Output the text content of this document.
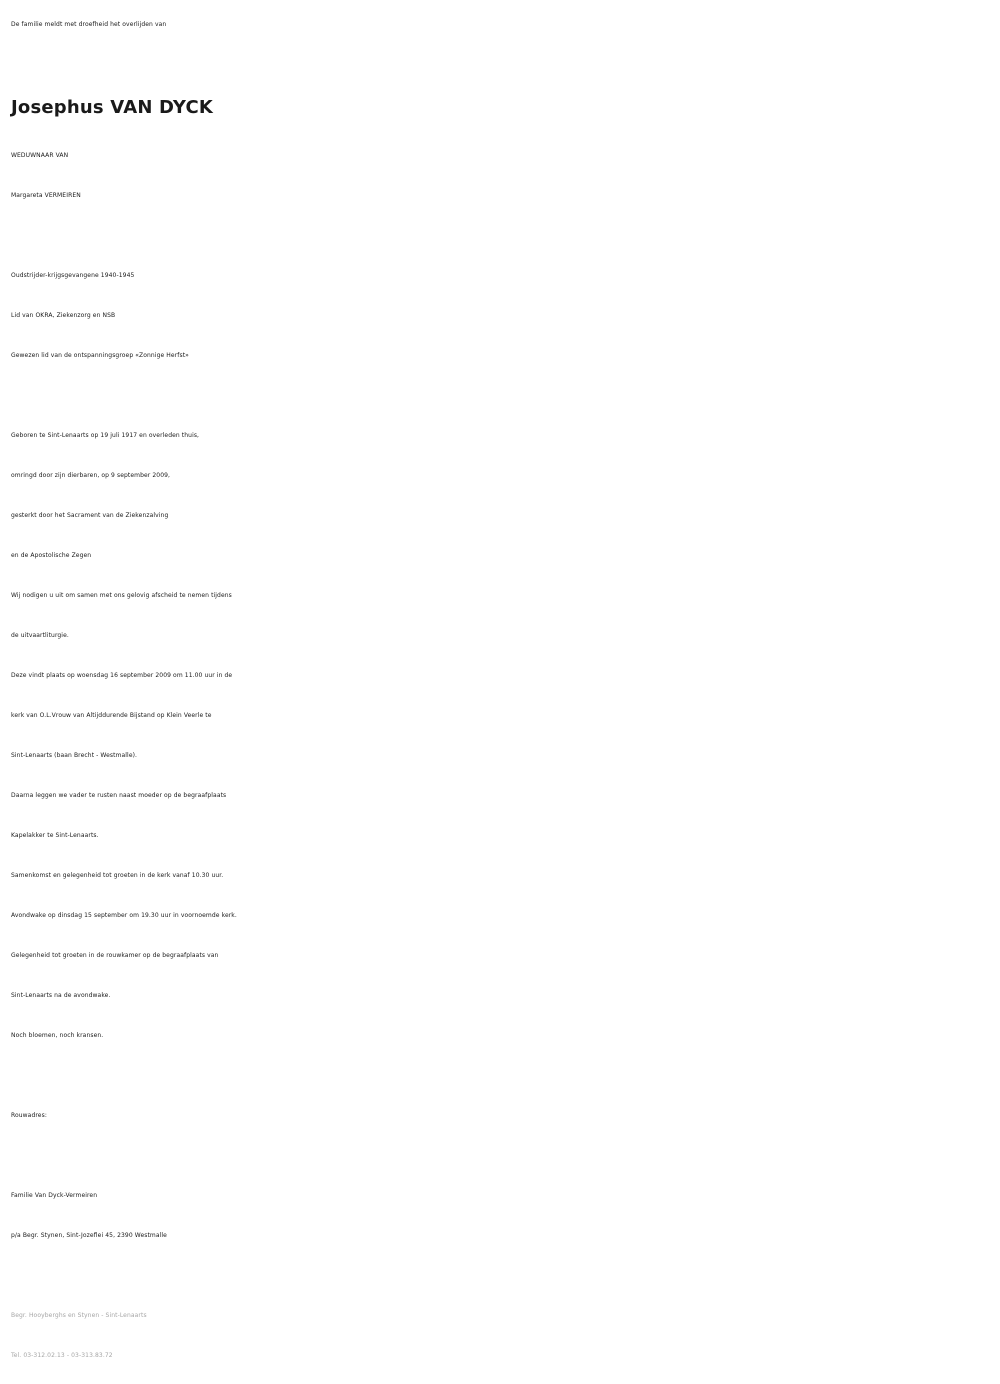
De familie meldt met droefheid het overlijden van
Josephus VAN DYCK
WEDUWNAAR VAN
Margareta VERMEIREN
Oudstrijder-krijgsgevangene 1940-1945
Lid van OKRA, Ziekenzorg en NSB
Gewezen lid van de ontspanningsgroep «Zonnige Herfst»
Geboren te Sint-Lenaarts op 19 juli 1917 en overleden thuis,
omringd door zijn dierbaren, op 9 september 2009,
gesterkt door het Sacrament van de Ziekenzalving
en de Apostolische Zegen
Wij nodigen u uit om samen met ons gelovig afscheid te nemen tijdens
de uitvaartliturgie.
Deze vindt plaats op woensdag 16 september 2009 om 11.00 uur in de
kerk van O.L.Vrouw van Altijddurende Bijstand op Klein Veerle te
Sint-Lenaarts (baan Brecht - Westmalle).
Daarna leggen we vader te rusten naast moeder op de begraafplaats
Kapelakker te Sint-Lenaarts.
Samenkomst en gelegenheid tot groeten in de kerk vanaf 10.30 uur.
Avondwake op dinsdag 15 september om 19.30 uur in voornoemde kerk.
Gelegenheid tot groeten in de rouwkamer op de begraafplaats van
Sint-Lenaarts na de avondwake.
Noch bloemen, noch kransen.
Rouwadres:
Familie Van Dyck-Vermeiren
p/a Begr. Stynen, Sint-Jozeflei 45, 2390 Westmalle
Begr. Hooyberghs en Stynen - Sint-Lenaarts
Tel. 03-312.02.13 - 03-313.83.72
